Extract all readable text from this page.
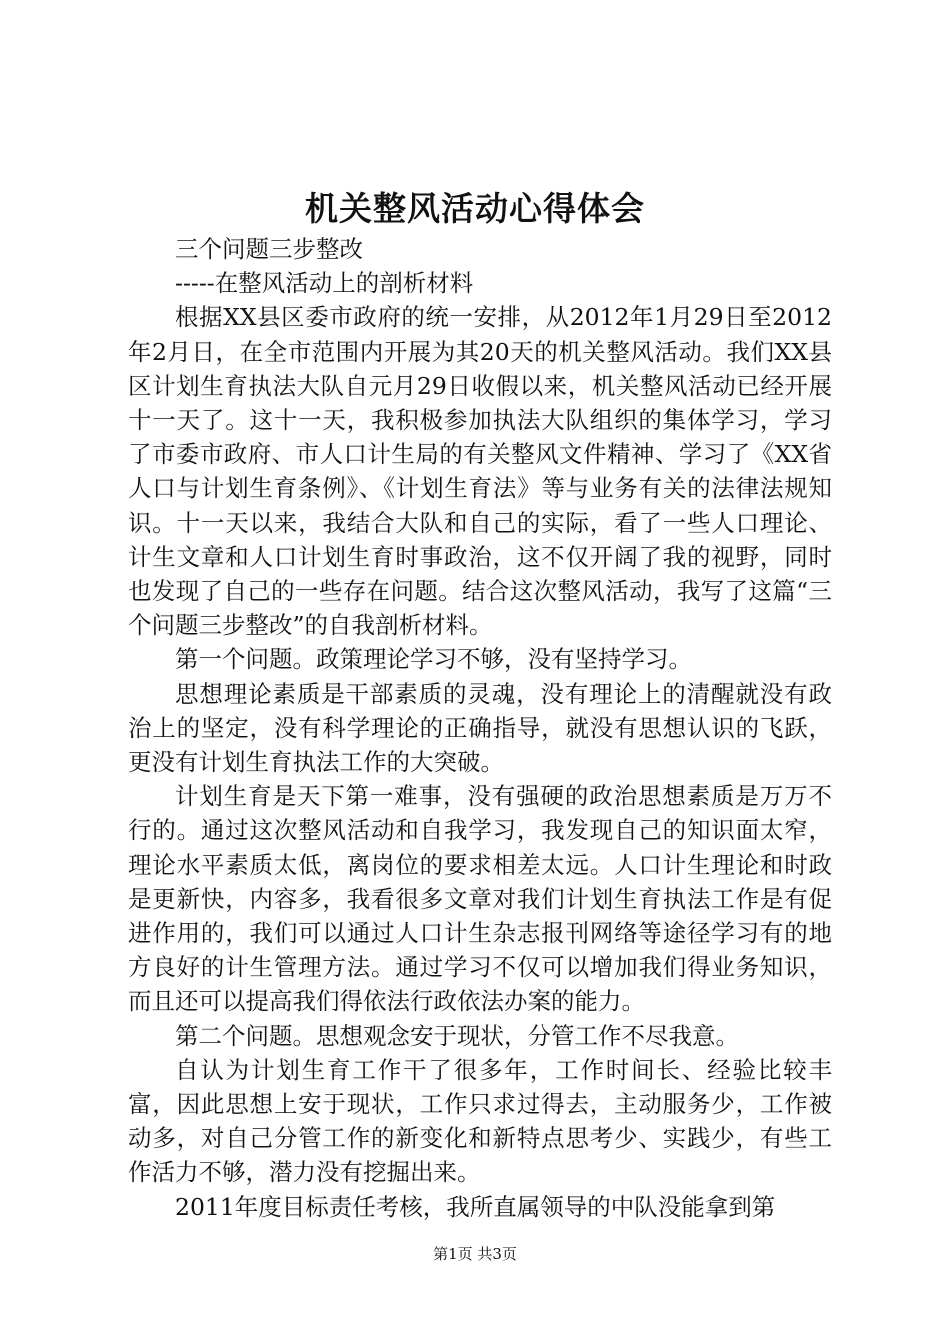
机关整风活动心得体会

三个问题三步整改

-----在整风活动上的剖析材料

根据XX县区委市政府的统一安排，从2012年1月29日至2012年2月日，在全市范围内开展为其20天的机关整风活动。我们XX县区计划生育执法大队自元月29日收假以来，机关整风活动已经开展十一天了。这十一天，我积极参加执法大队组织的集体学习，学习了市委市政府、市人口计生局的有关整风文件精神、学习了《XX省人口与计划生育条例》、《计划生育法》等与业务有关的法律法规知识。十一天以来，我结合大队和自己的实际，看了一些人口理论、计生文章和人口计划生育时事政治，这不仅开阔了我的视野，同时也发现了自己的一些存在问题。结合这次整风活动，我写了这篇“三个问题三步整改”的自我剖析材料。

第一个问题。政策理论学习不够，没有坚持学习。

思想理论素质是干部素质的灵魂，没有理论上的清醒就没有政治上的坚定，没有科学理论的正确指导，就没有思想认识的飞跃，更没有计划生育执法工作的大突破。

计划生育是天下第一难事，没有强硬的政治思想素质是万万不行的。通过这次整风活动和自我学习，我发现自己的知识面太窄，理论水平素质太低，离岗位的要求相差太远。人口计生理论和时政是更新快，内容多，我看很多文章对我们计划生育执法工作是有促进作用的，我们可以通过人口计生杂志报刊网络等途径学习有的地方良好的计生管理方法。通过学习不仅可以增加我们得业务知识，而且还可以提高我们得依法行政依法办案的能力。

第二个问题。思想观念安于现状，分管工作不尽我意。

自认为计划生育工作干了很多年，工作时间长、经验比较丰富，因此思想上安于现状，工作只求过得去，主动服务少，工作被动多，对自己分管工作的新变化和新特点思考少、实践少，有些工作活力不够，潜力没有挖掘出来。

2011年度目标责任考核，我所直属领导的中队没能拿到第

第1页 共3页
